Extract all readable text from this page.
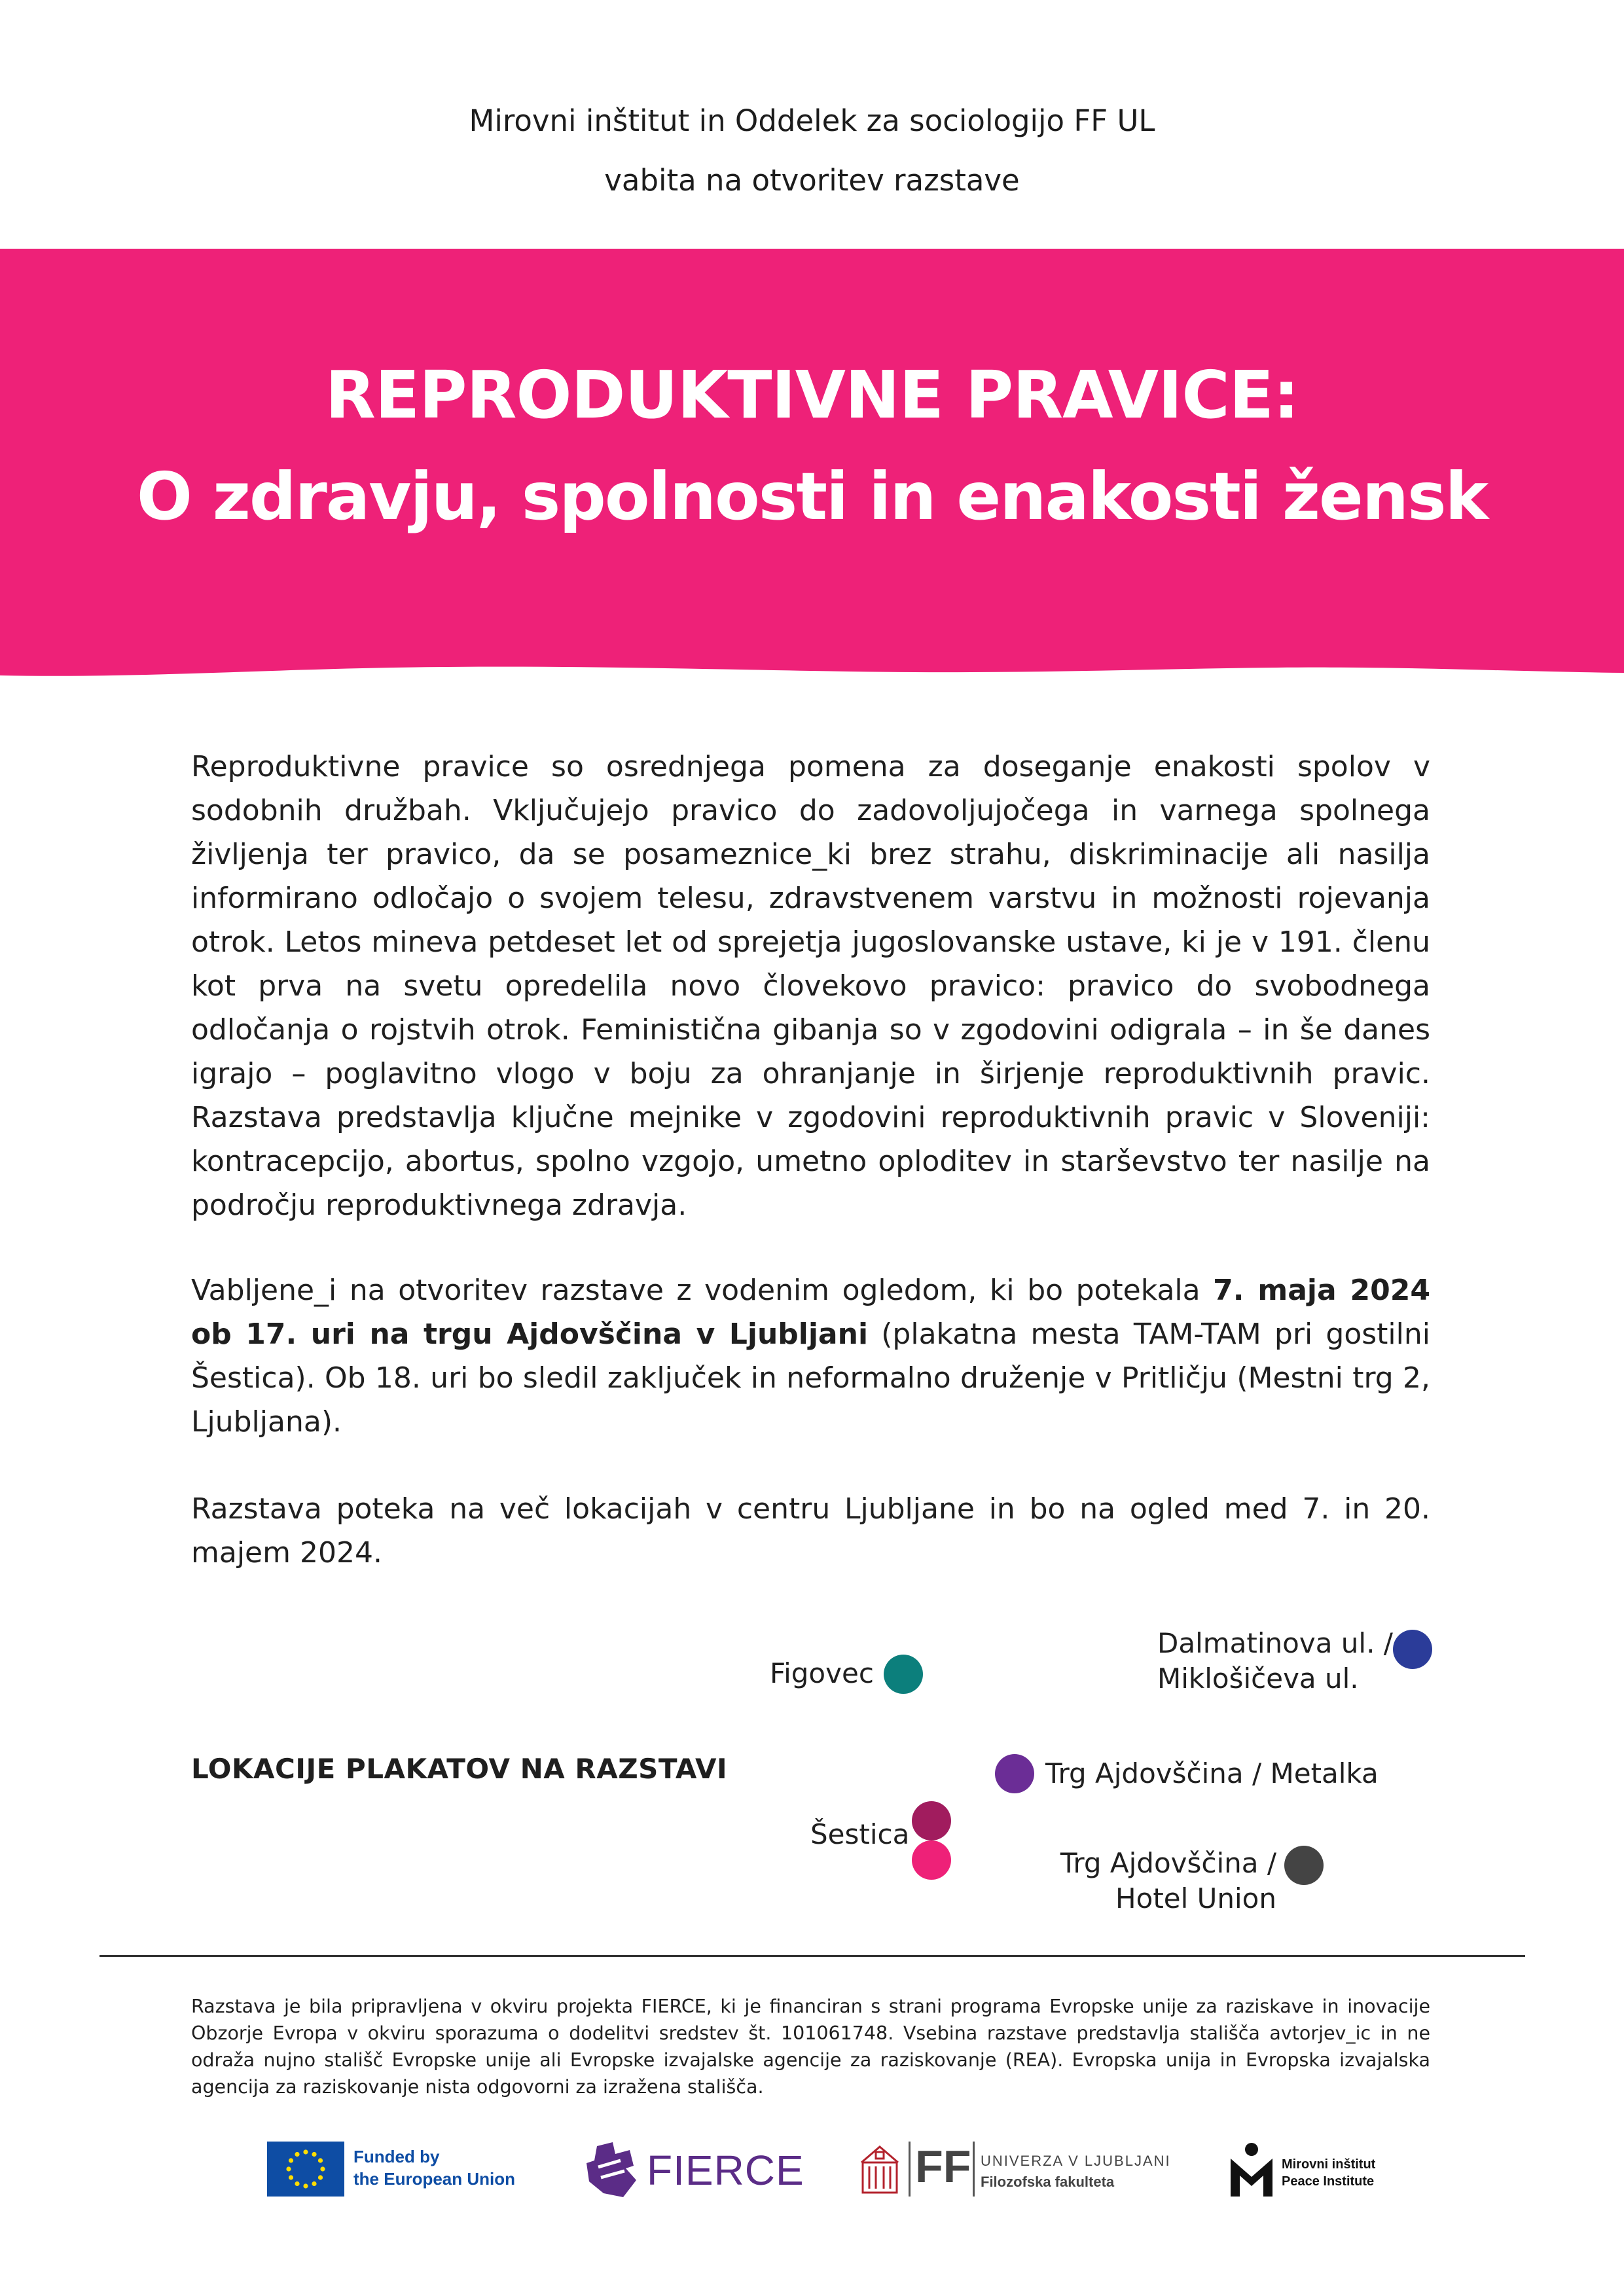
Mirovni inštitut in Oddelek za sociologijo FF UL
vabita na otvoritev razstave
REPRODUKTIVNE PRAVICE:
O zdravju, spolnosti in enakosti žensk
Reproduktivne pravice so osrednjega pomena za doseganje enakosti spolov v sodobnih družbah. Vključujejo pravico do zadovoljujočega in varnega spolnega življenja ter pravico, da se posameznice_ki brez strahu, diskriminacije ali nasilja informirano odločajo o svojem telesu, zdravstvenem varstvu in možnosti rojevanja otrok. Letos mineva petdeset let od sprejetja jugoslovanske ustave, ki je v 191. členu kot prva na svetu opredelila novo človekovo pravico: pravico do svobodnega odločanja o rojstvih otrok. Feministična gibanja so v zgodovini odigrala – in še danes igrajo – poglavitno vlogo v boju za ohranjanje in širjenje reproduktivnih pravic. Razstava predstavlja ključne mejnike v zgodovini reproduktivnih pravic v Sloveniji: kontracepcijo, abortus, spolno vzgojo, umetno oploditev in starševstvo ter nasilje na področju reproduktivnega zdravja.
Vabljene_i na otvoritev razstave z vodenim ogledom, ki bo potekala 7. maja 2024 ob 17. uri na trgu Ajdovščina v Ljubljani (plakatna mesta TAM-TAM pri gostilni Šestica). Ob 18. uri bo sledil zaključek in neformalno druženje v Pritličju (Mestni trg 2, Ljubljana).
Razstava poteka na več lokacijah v centru Ljubljane in bo na ogled med 7. in 20. majem 2024.
LOKACIJE PLAKATOV NA RAZSTAVI
Figovec
Dalmatinova ul. /
Miklošičeva ul.
Trg Ajdovščina / Metalka
Šestica
Trg Ajdovščina /
Hotel Union
Razstava je bila pripravljena v okviru projekta FIERCE, ki je financiran s strani programa Evropske unije za raziskave in inovacije Obzorje Evropa v okviru sporazuma o dodelitvi sredstev št. 101061748. Vsebina razstave predstavlja stališča avtorjev_ic in ne odraža nujno stališč Evropske unije ali Evropske izvajalske agencije za raziskovanje (REA). Evropska unija in Evropska izvajalska agencija za raziskovanje nista odgovorni za izražena stališča.
Funded by
the European Union	FIERCE FF UNIVERZA V LJUBLJANI
Filozofska fakulteta
Mirovni inštitut
Peace Institute
